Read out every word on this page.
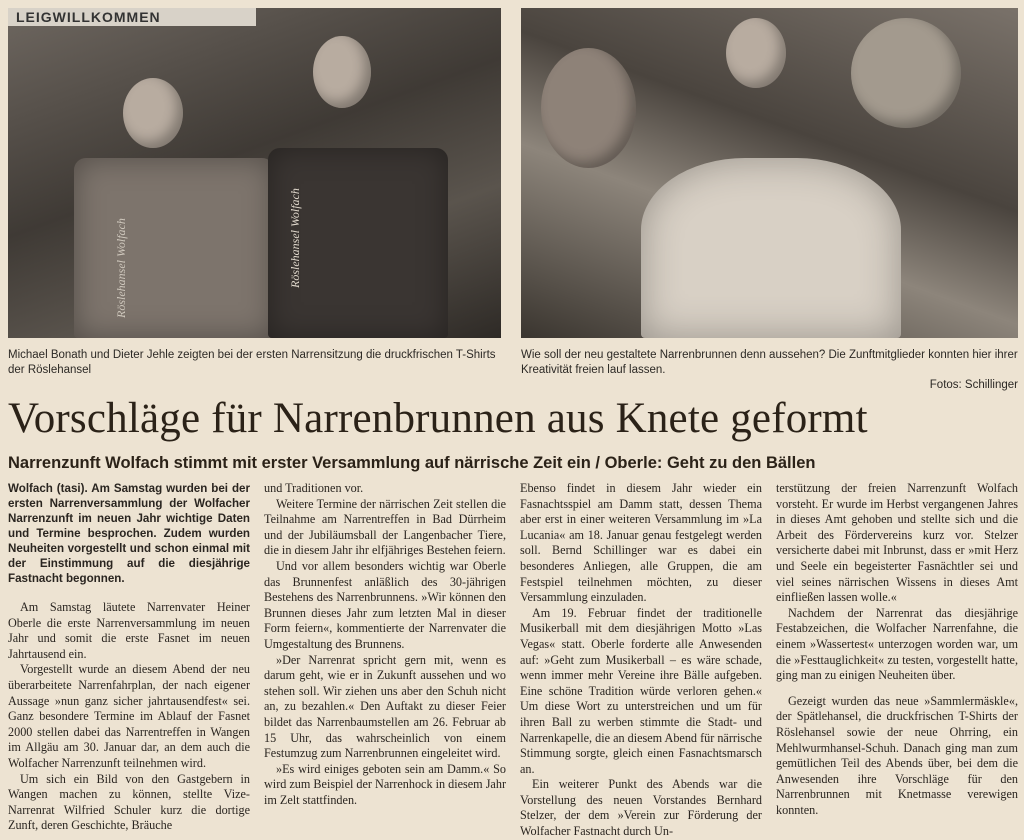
LEIGWILLKOMMEN
Röslehansel Wolfach	Röslehansel Wolfach
Michael Bonath und Dieter Jehle zeigten bei der ersten Narrensitzung die druckfrischen T-Shirts der Röslehansel
Wie soll der neu gestaltete Narrenbrunnen denn aussehen? Die Zunftmitglieder konnten hier ihrer Kreativität freien lauf lassen.
Fotos: Schillinger
Vorschläge für Narrenbrunnen aus Knete geformt
Narrenzunft Wolfach stimmt mit erster Versammlung auf närrische Zeit ein / Oberle: Geht zu den Bällen

Wolfach (tasi). Am Samstag wurden bei der ersten Narrenversammlung der Wolfacher Narrenzunft im neuen Jahr wichtige Daten und Termine besprochen. Zudem wurden Neuheiten vorgestellt und schon einmal mit der Einstimmung auf die diesjährige Fastnacht begonnen.

Am Samstag läutete Narrenvater Heiner Oberle die erste Narrenversammlung im neuen Jahr und somit die erste Fasnet im neuen Jahrtausend ein.

Vorgestellt wurde an diesem Abend der neu überarbeitete Narrenfahrplan, der nach eigener Aussage »nun ganz sicher jahrtausendfest« sei. Ganz besondere Termine im Ablauf der Fasnet 2000 stellen dabei das Narrentreffen in Wangen im Allgäu am 30. Januar dar, an dem auch die Wolfacher Narrenzunft teilnehmen wird.

Um sich ein Bild von den Gastgebern in Wangen machen zu können, stellte Vize-Narrenrat Wilfried Schuler kurz die dortige Zunft, deren Geschichte, Bräuche

und Traditionen vor.

Weitere Termine der närrischen Zeit stellen die Teilnahme am Narrentreffen in Bad Dürrheim und der Jubiläumsball der Langenbacher Tiere, die in diesem Jahr ihr elfjähriges Bestehen feiern.

Und vor allem besonders wichtig war Oberle das Brunnenfest anläßlich des 30-jährigen Bestehens des Narrenbrunnens. »Wir können den Brunnen dieses Jahr zum letzten Mal in dieser Form feiern«, kommentierte der Narrenvater die Umgestaltung des Brunnens.

»Der Narrenrat spricht gern mit, wenn es darum geht, wie er in Zukunft aussehen und wo stehen soll. Wir ziehen uns aber den Schuh nicht an, zu bezahlen.« Den Auftakt zu dieser Feier bildet das Narrenbaumstellen am 26. Februar ab 15 Uhr, das wahrscheinlich von einem Festumzug zum Narrenbrunnen eingeleitet wird.

»Es wird einiges geboten sein am Damm.« So wird zum Beispiel der Narrenhock in diesem Jahr im Zelt stattfinden.

Ebenso findet in diesem Jahr wieder ein Fasnachtsspiel am Damm statt, dessen Thema aber erst in einer weiteren Versammlung im »La Lucania« am 18. Januar genau festgelegt werden soll. Bernd Schillinger war es dabei ein besonderes Anliegen, alle Gruppen, die am Festspiel teilnehmen möchten, zu dieser Versammlung einzuladen.

Am 19. Februar findet der traditionelle Musikerball mit dem diesjährigen Motto »Las Vegas« statt. Oberle forderte alle Anwesenden auf: »Geht zum Musikerball – es wäre schade, wenn immer mehr Vereine ihre Bälle aufgeben. Eine schöne Tradition würde verloren gehen.« Um diese Wort zu unterstreichen und um für ihren Ball zu werben stimmte die Stadt- und Narrenkapelle, die an diesem Abend für närrische Stimmung sorgte, gleich einen Fasnachtsmarsch an.

Ein weiterer Punkt des Abends war die Vorstellung des neuen Vorstandes Bernhard Stelzer, der dem »Verein zur Förderung der Wolfacher Fastnacht durch Un-

terstützung der freien Narrenzunft Wolfach vorsteht. Er wurde im Herbst vergangenen Jahres in dieses Amt gehoben und stellte sich und die Arbeit des Fördervereins kurz vor. Stelzer versicherte dabei mit Inbrunst, dass er »mit Herz und Seele ein begeisterter Fasnächtler sei und viel seines närrischen Wissens in dieses Amt einfließen lassen wolle.«

Nachdem der Narrenrat das diesjährige Festabzeichen, die Wolfacher Narrenfahne, die einem »Wassertest« unterzogen worden war, um die »Festtauglichkeit« zu testen, vorgestellt hatte, ging man zu einigen Neuheiten über.

Gezeigt wurden das neue »Sammlermäskle«, der Spätlehansel, die druckfrischen T-Shirts der Röslehansel sowie der neue Ohrring, ein Mehlwurmhansel-Schuh. Danach ging man zum gemütlichen Teil des Abends über, bei dem die Anwesenden ihre Vorschläge für den Narrenbrunnen mit Knetmasse verewigen konnten.
